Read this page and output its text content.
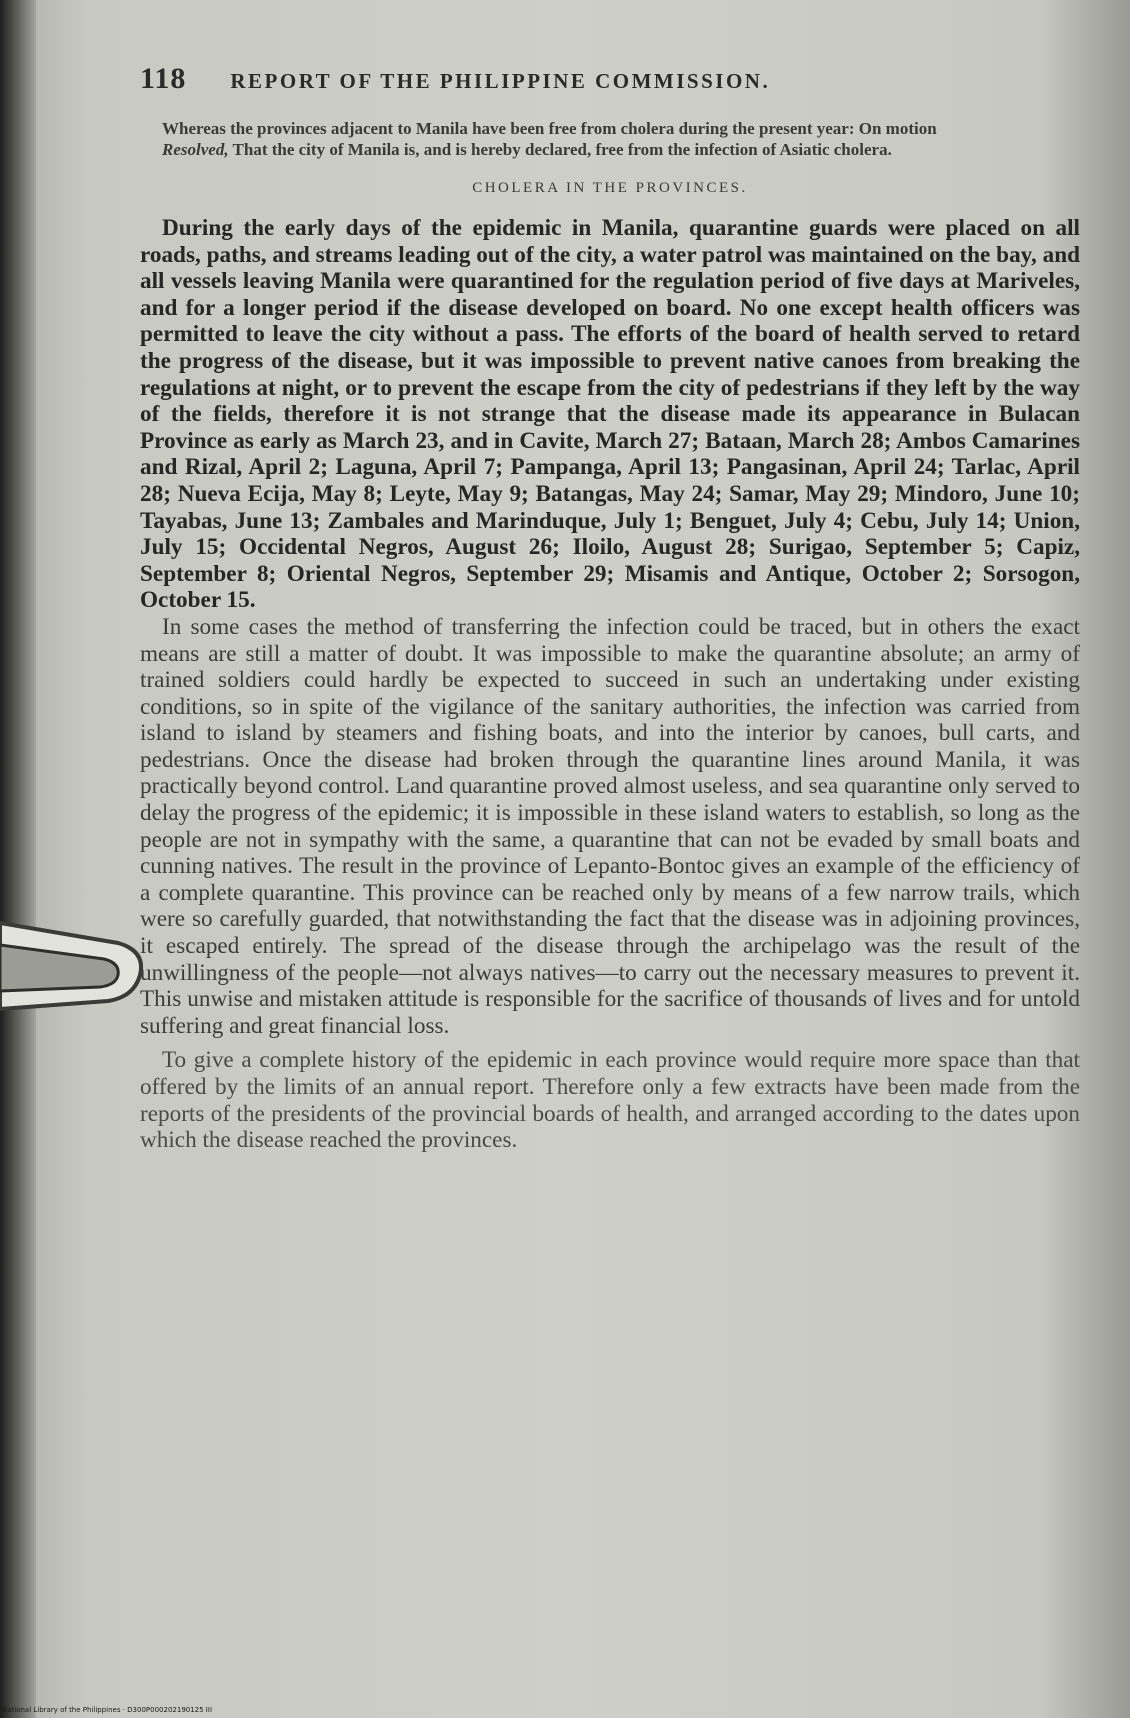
118 REPORT OF THE PHILIPPINE COMMISSION.

Whereas the provinces adjacent to Manila have been free from cholera during the present year: On motion

Resolved, That the city of Manila is, and is hereby declared, free from the infection of Asiatic cholera.

CHOLERA IN THE PROVINCES.

During the early days of the epidemic in Manila, quarantine guards were placed on all roads, paths, and streams leading out of the city, a water patrol was maintained on the bay, and all vessels leaving Manila were quarantined for the regulation period of five days at Mariveles, and for a longer period if the disease developed on board. No one except health officers was permitted to leave the city without a pass. The efforts of the board of health served to retard the progress of the disease, but it was impossible to prevent native canoes from breaking the regulations at night, or to prevent the escape from the city of pedestrians if they left by the way of the fields, therefore it is not strange that the disease made its appearance in Bulacan Province as early as March 23, and in Cavite, March 27; Bataan, March 28; Ambos Camarines and Rizal, April 2; Laguna, April 7; Pampanga, April 13; Pangasinan, April 24; Tarlac, April 28; Nueva Ecija, May 8; Leyte, May 9; Batangas, May 24; Samar, May 29; Mindoro, June 10; Tayabas, June 13; Zambales and Marinduque, July 1; Benguet, July 4; Cebu, July 14; Union, July 15; Occidental Negros, August 26; Iloilo, August 28; Surigao, September 5; Capiz, September 8; Oriental Negros, September 29; Misamis and Antique, October 2; Sorsogon, October 15.

In some cases the method of transferring the infection could be traced, but in others the exact means are still a matter of doubt. It was impossible to make the quarantine absolute; an army of trained soldiers could hardly be expected to succeed in such an undertaking under existing conditions, so in spite of the vigilance of the sanitary authorities, the infection was carried from island to island by steamers and fishing boats, and into the interior by canoes, bull carts, and pedestrians. Once the disease had broken through the quarantine lines around Manila, it was practically beyond control. Land quarantine proved almost useless, and sea quarantine only served to delay the progress of the epidemic; it is impossible in these island waters to establish, so long as the people are not in sympathy with the same, a quarantine that can not be evaded by small boats and cunning natives. The result in the province of Lepanto-Bontoc gives an example of the efficiency of a complete quarantine. This province can be reached only by means of a few narrow trails, which were so carefully guarded, that notwithstanding the fact that the disease was in adjoining provinces, it escaped entirely. The spread of the disease through the archipelago was the result of the unwillingness of the people—not always natives—to carry out the necessary measures to prevent it. This unwise and mistaken attitude is responsible for the sacrifice of thousands of lives and for untold suffering and great financial loss.

To give a complete history of the epidemic in each province would require more space than that offered by the limits of an annual report. Therefore only a few extracts have been made from the reports of the presidents of the provincial boards of health, and arranged according to the dates upon which the disease reached the provinces.

National Library of the Philippines · D300P000202190125 III
